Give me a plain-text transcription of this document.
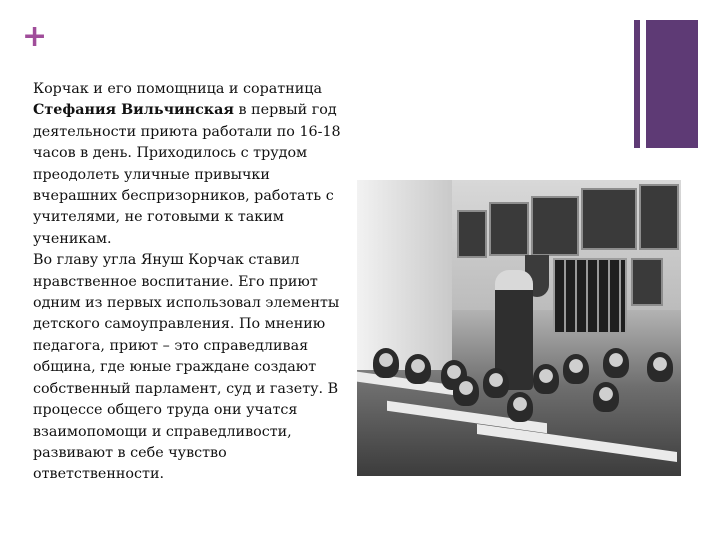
+

Корчак и его помощница и соратница Стефания Вильчинская в первый год деятельности приюта работали по 16-18 часов в день. Приходилось с трудом преодолеть уличные привычки вчерашних беспризорников, работать с учителями, не готовыми к таким ученикам.

Во главу угла Януш Корчак ставил нравственное воспитание. Его приют одним из первых использовал элементы детского самоуправления. По мнению педагога, приют – это справедливая община, где юные граждане создают собственный парламент, суд и газету. В процессе общего труда они учатся взаимопомощи и справедливости, развивают в себе чувство ответственности.
